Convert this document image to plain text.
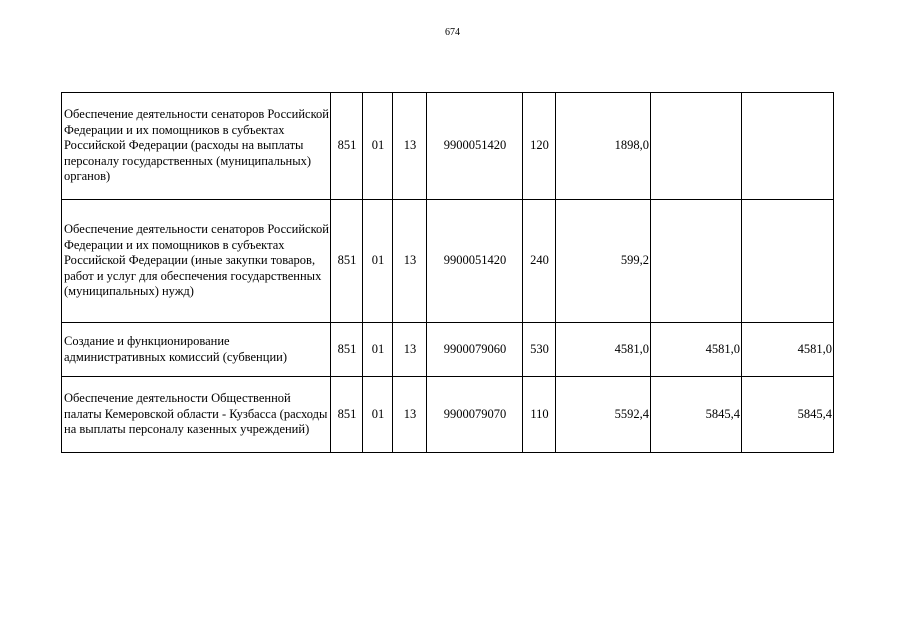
674
Обеспечение деятельности сенаторов Российской Федерации и их помощников в субъектах Российской Федерации (расходы на выплаты персоналу государственных (муниципальных) органов)	851	01	13	9900051420	120	1898,0		
Обеспечение деятельности сенаторов Российской Федерации и их помощников в субъектах Российской Федерации (иные закупки товаров, работ и услуг для обеспечения государственных (муниципальных) нужд)	851	01	13	9900051420	240	599,2		
Создание и функционирование административных комиссий (субвенции)	851	01	13	9900079060	530	4581,0	4581,0	4581,0
Обеспечение деятельности Общественной палаты Кемеровской области - Кузбасса (расходы на выплаты персоналу казенных учреждений)	851	01	13	9900079070	110	5592,4	5845,4	5845,4
